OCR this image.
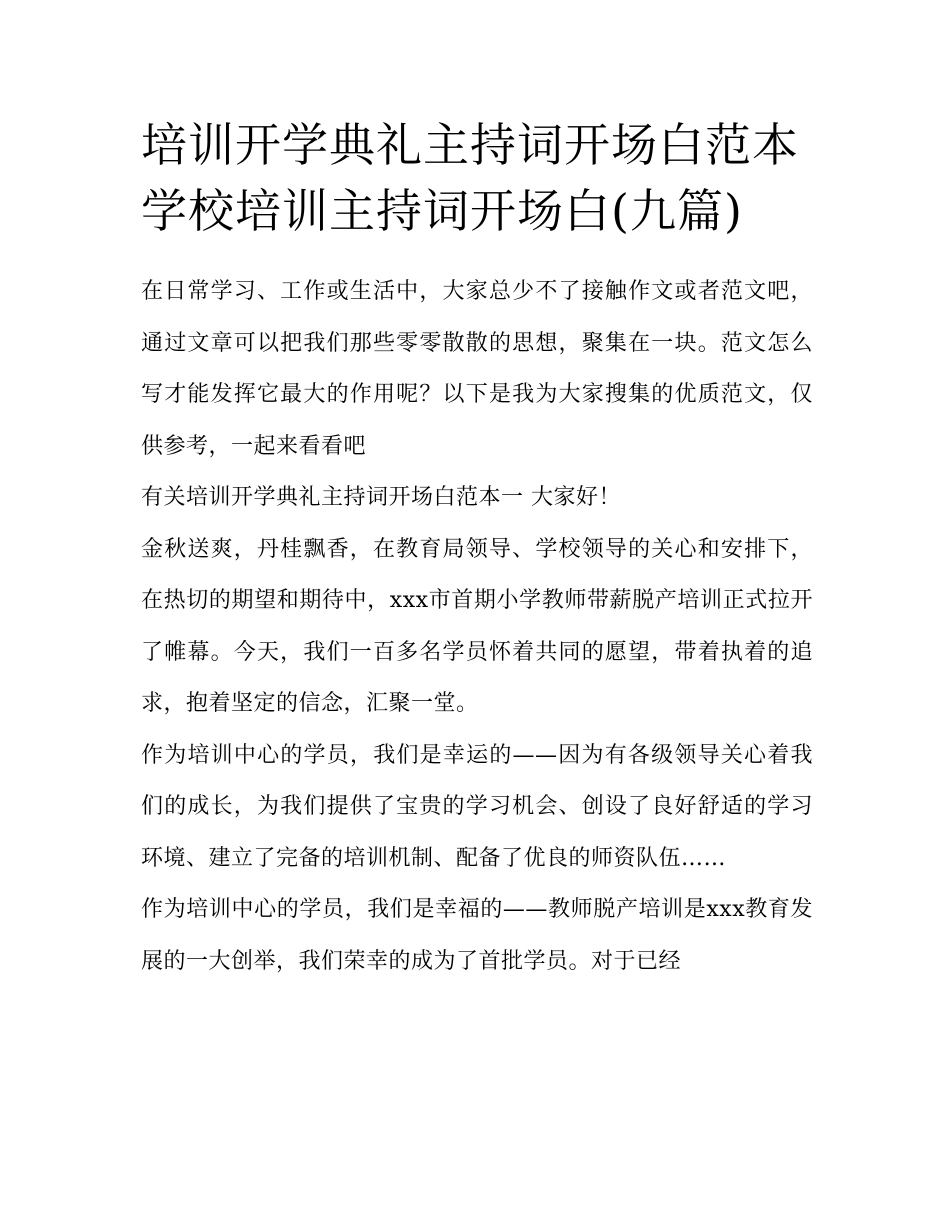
培训开学典礼主持词开场白范本 学校培训主持词开场白(九篇)

在日常学习、工作或生活中，大家总少不了接触作文或者范文吧，通过文章可以把我们那些零零散散的思想，聚集在一块。范文怎么写才能发挥它最大的作用呢？以下是我为大家搜集的优质范文，仅供参考，一起来看看吧

有关培训开学典礼主持词开场白范本一 大家好！

金秋送爽，丹桂飘香，在教育局领导、学校领导的关心和安排下，在热切的期望和期待中，xxx市首期小学教师带薪脱产培训正式拉开了帷幕。今天，我们一百多名学员怀着共同的愿望，带着执着的追求，抱着坚定的信念，汇聚一堂。

作为培训中心的学员，我们是幸运的——因为有各级领导关心着我们的成长，为我们提供了宝贵的学习机会、创设了良好舒适的学习环境、建立了完备的培训机制、配备了优良的师资队伍……

作为培训中心的学员，我们是幸福的——教师脱产培训是xxx教育发展的一大创举，我们荣幸的成为了首批学员。对于已经
